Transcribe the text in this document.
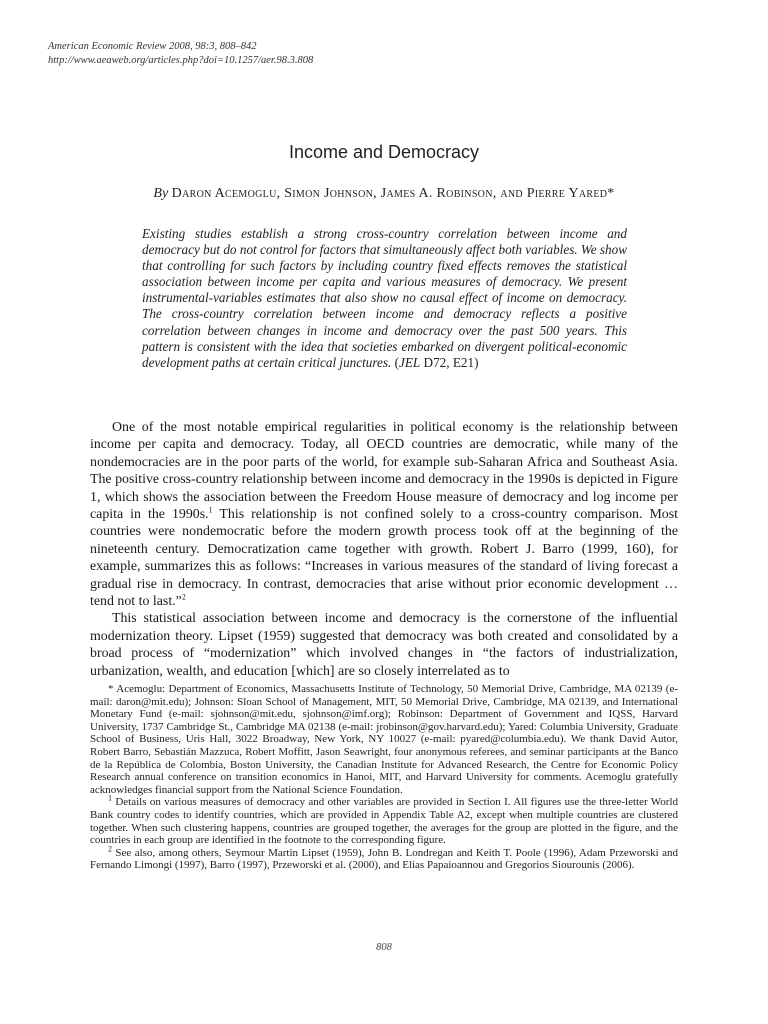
American Economic Review 2008, 98:3, 808–842
http://www.aeaweb.org/articles.php?doi=10.1257/aer.98.3.808
Income and Democracy
By Daron Acemoglu, Simon Johnson, James A. Robinson, and Pierre Yared*

Existing studies establish a strong cross-country correlation between income and democracy but do not control for factors that simultaneously affect both variables. We show that controlling for such factors by including country fixed effects removes the statistical association between income per capita and various measures of democracy. We present instrumental-variables estimates that also show no causal effect of income on democracy. The cross-country correlation between income and democracy reflects a positive correlation between changes in income and democracy over the past 500 years. This pattern is consistent with the idea that societies embarked on divergent political-economic development paths at certain critical junctures. (JEL D72, E21)

One of the most notable empirical regularities in political economy is the relationship between income per capita and democracy. Today, all OECD countries are democratic, while many of the nondemocracies are in the poor parts of the world, for example sub-Saharan Africa and Southeast Asia. The positive cross-country relationship between income and democracy in the 1990s is depicted in Figure 1, which shows the association between the Freedom House measure of democracy and log income per capita in the 1990s.$^1$ This relationship is not confined solely to a cross-country comparison. Most countries were nondemocratic before the modern growth process took off at the beginning of the nineteenth century. Democratization came together with growth. Robert J. Barro (1999, 160), for example, summarizes this as follows: “Increases in various measures of the standard of living forecast a gradual rise in democracy. In contrast, democracies that arise without prior economic development … tend not to last.”$^2$

This statistical association between income and democracy is the cornerstone of the influential modernization theory. Lipset (1959) suggested that democracy was both created and consolidated by a broad process of “modernization” which involved changes in “the factors of industrialization, urbanization, wealth, and education [which] are so closely interrelated as to

* Acemoglu: Department of Economics, Massachusetts Institute of Technology, 50 Memorial Drive, Cambridge, MA 02139 (e-mail: daron@mit.edu); Johnson: Sloan School of Management, MIT, 50 Memorial Drive, Cambridge, MA 02139, and International Monetary Fund (e-mail: sjohnson@mit.edu, sjohnson@imf.org); Robinson: Department of Government and IQSS, Harvard University, 1737 Cambridge St., Cambridge MA 02138 (e-mail: jrobinson@gov.harvard.edu); Yared: Columbia University, Graduate School of Business, Uris Hall, 3022 Broadway, New York, NY 10027 (e-mail: pyared@columbia.edu). We thank David Autor, Robert Barro, Sebastián Mazzuca, Robert Moffitt, Jason Seawright, four anonymous referees, and seminar participants at the Banco de la República de Colombia, Boston University, the Canadian Institute for Advanced Research, the Centre for Economic Policy Research annual conference on transition economics in Hanoi, MIT, and Harvard University for comments. Acemoglu gratefully acknowledges financial support from the National Science Foundation.

$^1$ Details on various measures of democracy and other variables are provided in Section I. All figures use the three-letter World Bank country codes to identify countries, which are provided in Appendix Table A2, except when multiple countries are clustered together. When such clustering happens, countries are grouped together, the averages for the group are plotted in the figure, and the countries in each group are identified in the footnote to the corresponding figure.

$^2$ See also, among others, Seymour Martin Lipset (1959), John B. Londregan and Keith T. Poole (1996), Adam Przeworski and Fernando Limongi (1997), Barro (1997), Przeworski et al. (2000), and Elias Papaioannou and Gregorios Siourounis (2006).

808
